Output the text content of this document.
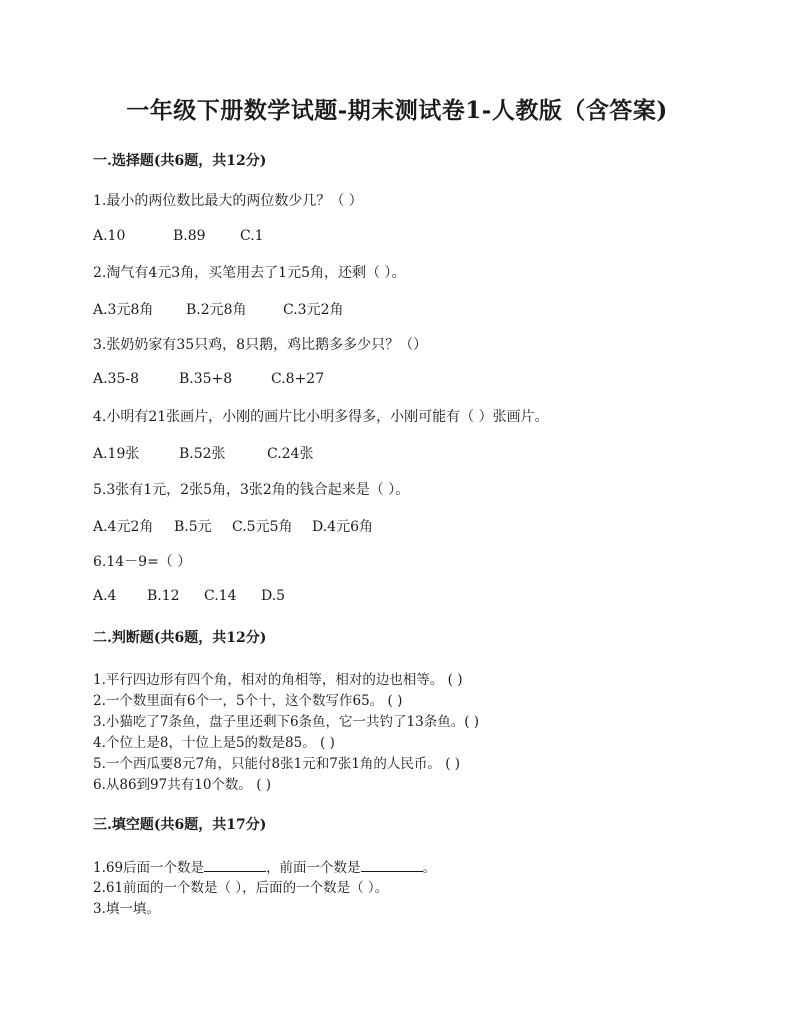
一年级下册数学试题-期末测试卷1-人教版（含答案)
一.选择题(共6题，共12分)
1.最小的两位数比最大的两位数少几？（ ）
A.10	B.89 C.1
2.淘气有4元3角，买笔用去了1元5角，还剩（ ）。
A.3元8角 B.2元8角	C.3元2角
3.张奶奶家有35只鸡，8只鹅，鸡比鹅多多少只？（）
A.35-8	B.35+8	C.8+27
4.小明有21张画片，小刚的画片比小明多得多，小刚可能有（ ）张画片。
A.19张	B.52张	C.24张
5.3张有1元，2张5角，3张2角的钱合起来是（ ）。
A.4元2角 B.5元 C.5元5角 D.4元6角
6.14－9=（ ）
A.4 B.12 C.14 D.5
二.判断题(共6题，共12分)
1.平行四边形有四个角，相对的角相等，相对的边也相等。 ( )
2.一个数里面有6个一，5个十，这个数写作65。 ( )
3.小猫吃了7条鱼，盘子里还剩下6条鱼，它一共钓了13条鱼。( )
4.个位上是8，十位上是5的数是85。 ( )
5.一个西瓜要8元7角，只能付8张1元和7张1角的人民币。 ( )
6.从86到97共有10个数。 ( )
三.填空题(共6题，共17分)
1.69后面一个数是	，前面一个数是	。
2.61前面的一个数是（ ），后面的一个数是（ ）。
3.填一填。
